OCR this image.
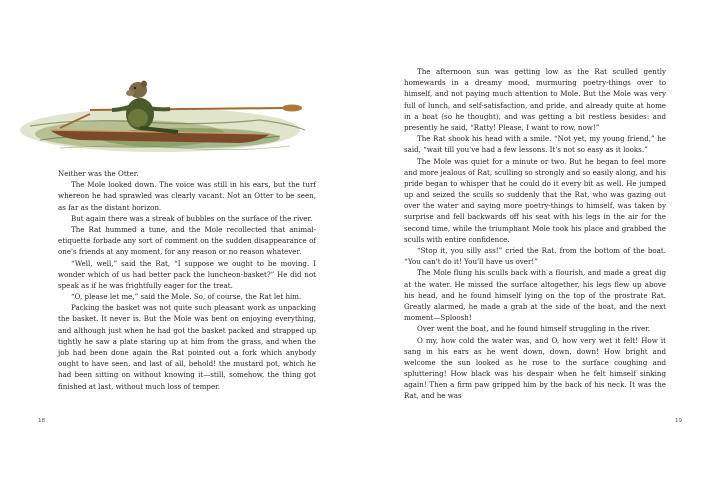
Neither was the Otter.

The Mole looked down. The voice was still in his ears, but the turf whereon he had sprawled was clearly vacant. Not an Otter to be seen, as far as the distant horizon.

But again there was a streak of bubbles on the surface of the river.

The Rat hummed a tune, and the Mole recollected that animal-etiquette forbade any sort of comment on the sudden disappearance of one's friends at any moment, for any reason or no reason whatever.

“Well, well,” said the Rat, “I suppose we ought to be moving. I wonder which of us had better pack the luncheon-basket?” He did not speak as if he was frightfully eager for the treat.

“O, please let me,” said the Mole. So, of course, the Rat let him.

Packing the basket was not quite such pleasant work as unpacking the basket. It never is. But the Mole was bent on enjoying everything, and although just when he had got the basket packed and strapped up tightly he saw a plate staring up at him from the grass, and when the job had been done again the Rat pointed out a fork which anybody ought to have seen, and last of all, behold! the mustard pot, which he had been sitting on without knowing it—still, somehow, the thing got finished at last, without much loss of temper.

18

The afternoon sun was getting low as the Rat sculled gently homewards in a dreamy mood, murmuring poetry-things over to himself, and not paying much attention to Mole. But the Mole was very full of lunch, and self-satisfaction, and pride, and already quite at home in a boat (so he thought), and was getting a bit restless besides: and presently he said, “Ratty! Please, I want to row, now!”

The Rat shook his head with a smile. “Not yet, my young friend,” he said, “wait till you've had a few lessons. It's not so easy as it looks.”

The Mole was quiet for a minute or two. But he began to feel more and more jealous of Rat, sculling so strongly and so easily along, and his pride began to whisper that he could do it every bit as well. He jumped up and seized the sculls so suddenly that the Rat, who was gazing out over the water and saying more poetry-things to himself, was taken by surprise and fell backwards off his seat with his legs in the air for the second time, while the triumphant Mole took his place and grabbed the sculls with entire confidence.

“Stop it, you silly ass!” cried the Rat, from the bottom of the boat. “You can't do it! You'll have us over!”

The Mole flung his sculls back with a flourish, and made a great dig at the water. He missed the surface altogether, his legs flew up above his head, and he found himself lying on the top of the prostrate Rat. Greatly alarmed, he made a grab at the side of the boat, and the next moment—Sploosh!

Over went the boat, and he found himself struggling in the river.

O my, how cold the water was, and O, how very wet it felt! How it sang in his ears as he went down, down, down! How bright and welcome the sun looked as he rose to the surface coughing and spluttering! How black was his despair when he felt himself sinking again! Then a firm paw gripped him by the back of his neck. It was the Rat, and he was

19
